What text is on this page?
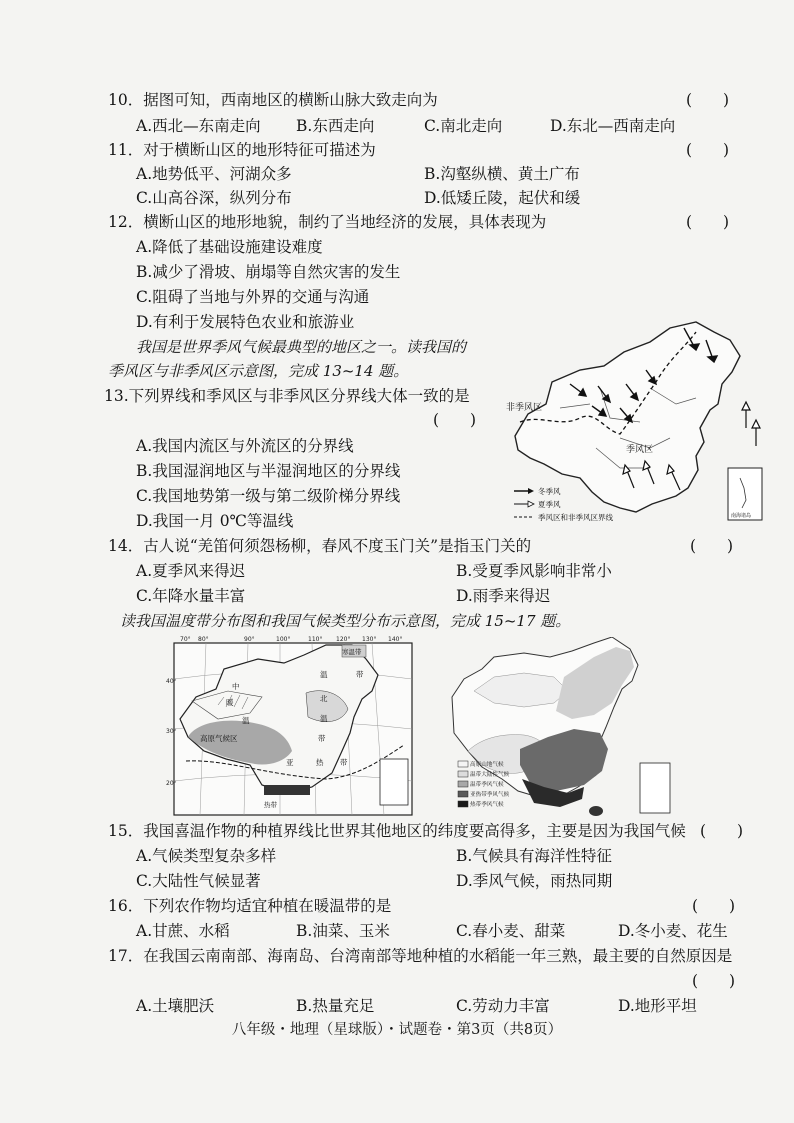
10．据图可知，西南地区的横断山脉大致走向为	(　　)
A.西北—东南走向 B.东西走向	C.南北走向	D.东北—西南走向
11．对于横断山区的地形特征可描述为	(　　)
A.地势低平、河湖众多	B.沟壑纵横、黄土广布
C.山高谷深，纵列分布	D.低矮丘陵，起伏和缓
12．横断山区的地形地貌，制约了当地经济的发展，具体表现为	(　　)
A.降低了基础设施建设难度
B.减少了滑坡、崩塌等自然灾害的发生
C.阻碍了当地与外界的交通与沟通
D.有利于发展特色农业和旅游业
我国是世界季风气候最典型的地区之一。读我国的
季风区与非季风区示意图，完成 13~14 题。
13.下列界线和季风区与非季风区分界线大体一致的是
(　　)
A.我国内流区与外流区的分界线
B.我国湿润地区与半湿润地区的分界线
C.我国地势第一级与第二级阶梯分界线
D.我国一月 0℃等温线
非季风区
季风区
南海诸岛
冬季风
夏季风
季风区和非季风区界线
14．古人说“羌笛何须怨杨柳，春风不度玉门关”是指玉门关的	(　　)
A.夏季风来得迟	B.受夏季风影响非常小
C.年降水量丰富	D.雨季来得迟
读我国温度带分布图和我国气候类型分布示意图，完成 15~17 题。
70° 80°	90°	100°	110° 120° 130° 140°
40°
30°
20°
寒温带
中
温	带
暖
温
北
温
带
高原气候区
亚	热 带
热带
高原山地气候
温带大陆性气候
温带季风气候
亚热带季风气候
热带季风气候
15．我国喜温作物的种植界线比世界其他地区的纬度要高得多，主要是因为我国气候 (　　)
A.气候类型复杂多样	B.气候具有海洋性特征
C.大陆性气候显著	D.季风气候，雨热同期
16．下列农作物均适宜种植在暖温带的是	(　　)
A.甘蔗、水稻	B.油菜、玉米	C.春小麦、甜菜	D.冬小麦、花生
17．在我国云南南部、海南岛、台湾南部等地种植的水稻能一年三熟，最主要的自然原因是
(　　)
A.土壤肥沃	B.热量充足	C.劳动力丰富	D.地形平坦
八年级・地理（星球版）・试题卷・第3页（共8页）
